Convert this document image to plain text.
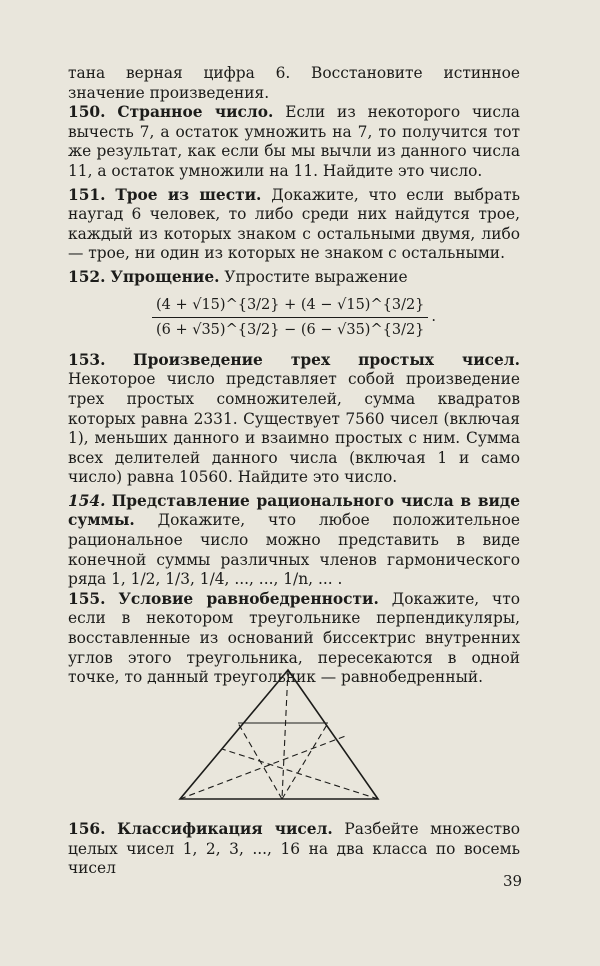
тана верная цифра 6. Восстановите истинное значение произведения.
150. Странное число. Если из некоторого числа вычесть 7, а остаток умножить на 7, то получится тот же результат, как если бы мы вычли из данного числа 11, а остаток умножили на 11. Найдите это число.
151. Трое из шести. Докажите, что если выбрать наугад 6 человек, то либо среди них найдутся трое, каждый из которых знаком с остальными двумя, либо — трое, ни один из которых не знаком с остальными.
152. Упрощение. Упростите выражение
$\frac{(4 + √15)\^{}\{3/2\} + (4 - √15)\^{}\{3/2\}}{(6 + √35)\^{}\{3/2\} - (6 - √35)\^{}\{3/2\}}$ .
153. Произведение трех простых чисел. Некоторое число представляет собой произведение трех простых сомножителей, сумма квадратов которых равна 2331. Существует 7560 чисел (включая 1), меньших данного и взаимно простых с ним. Сумма всех делителей данного числа (включая 1 и само число) равна 10560. Найдите это число.
154. Представление рационального числа в виде суммы. Докажите, что любое положительное рациональное число можно представить в виде конечной суммы различных членов гармонического ряда 1, 1/2, 1/3, 1/4, ..., ..., 1/n, ... .
155. Условие равнобедренности. Докажите, что если в некотором треугольнике перпендикуляры, восставленные из оснований биссектрис внутренних углов этого треугольника, пересекаются в одной точке, то данный треугольник — равнобедренный.
156. Классификация чисел. Разбейте множество целых чисел 1, 2, 3, ..., 16 на два класса по восемь чисел
39
